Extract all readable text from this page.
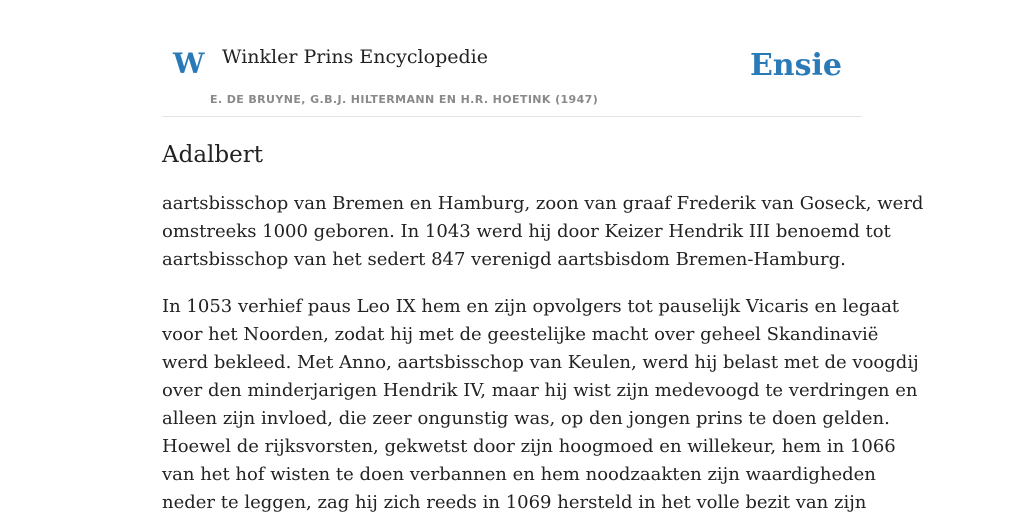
W Winkler Prins Encyclopedie
E. DE BRUYNE, G.B.J. HILTERMANN EN H.R. HOETINK (1947)
Ensie
Adalbert

aartsbisschop van Bremen en Hamburg, zoon van graaf Frederik van Goseck, werd
omstreeks 1000 geboren. In 1043 werd hij door Keizer Hendrik III benoemd tot
aartsbisschop van het sedert 847 verenigd aartsbisdom Bremen-Hamburg.

In 1053 verhief paus Leo IX hem en zijn opvolgers tot pauselijk Vicaris en legaat
voor het Noorden, zodat hij met de geestelijke macht over geheel Skandinavië
werd bekleed. Met Anno, aartsbisschop van Keulen, werd hij belast met de voogdij
over den minderjarigen Hendrik IV, maar hij wist zijn medevoogd te verdringen en
alleen zijn invloed, die zeer ongunstig was, op den jongen prins te doen gelden.
Hoewel de rijksvorsten, gekwetst door zijn hoogmoed en willekeur, hem in 1066
van het hof wisten te doen verbannen en hem noodzaakten zijn waardigheden
neder te leggen, zag hij zich reeds in 1069 hersteld in het volle bezit van zijn
